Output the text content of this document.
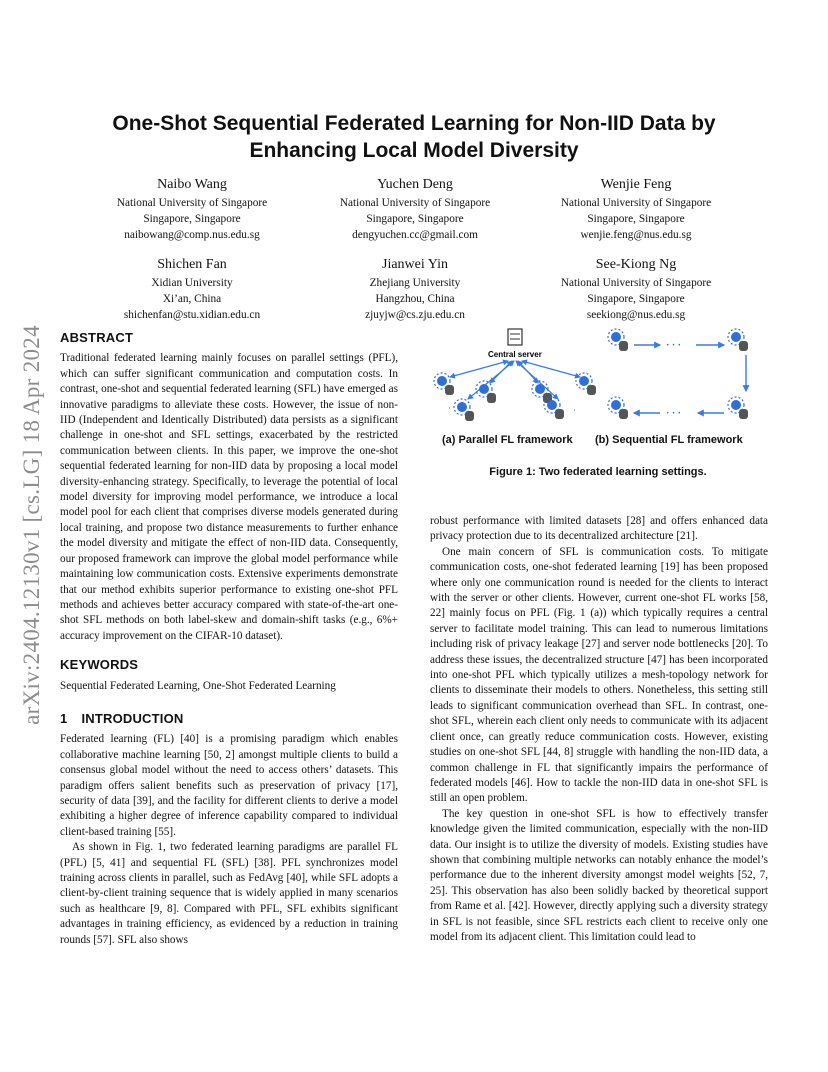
arXiv:2404.12130v1 [cs.LG] 18 Apr 2024
One-Shot Sequential Federated Learning for Non-IID Data by Enhancing Local Model Diversity
Naibo Wang
National University of Singapore
Singapore, Singapore
naibowang@comp.nus.edu.sg
Yuchen Deng
National University of Singapore
Singapore, Singapore
dengyuchen.cc@gmail.com
Wenjie Feng
National University of Singapore
Singapore, Singapore
wenjie.feng@nus.edu.sg
Shichen Fan
Xidian University
Xi’an, China
shichenfan@stu.xidian.edu.cn
Jianwei Yin
Zhejiang University
Hangzhou, China
zjuyjw@cs.zju.edu.cn
See-Kiong Ng
National University of Singapore
Singapore, Singapore
seekiong@nus.edu.sg
ABSTRACT

Traditional federated learning mainly focuses on parallel settings (PFL), which can suffer significant communication and computation costs. In contrast, one-shot and sequential federated learning (SFL) have emerged as innovative paradigms to alleviate these costs. However, the issue of non-IID (Independent and Identically Distributed) data persists as a significant challenge in one-shot and SFL settings, exacerbated by the restricted communication between clients. In this paper, we improve the one-shot sequential federated learning for non-IID data by proposing a local model diversity-enhancing strategy. Specifically, to leverage the potential of local model diversity for improving model performance, we introduce a local model pool for each client that comprises diverse models generated during local training, and propose two distance measurements to further enhance the model diversity and mitigate the effect of non-IID data. Consequently, our proposed framework can improve the global model performance while maintaining low communication costs. Extensive experiments demonstrate that our method exhibits superior performance to existing one-shot PFL methods and achieves better accuracy compared with state-of-the-art one-shot SFL methods on both label-skew and domain-shift tasks (e.g., 6%+ accuracy improvement on the CIFAR-10 dataset).

KEYWORDS

Sequential Federated Learning, One-Shot Federated Learning

1 INTRODUCTION

Federated learning (FL) [40] is a promising paradigm which enables collaborative machine learning [50, 2] amongst multiple clients to build a consensus global model without the need to access others’ datasets. This paradigm offers salient benefits such as preservation of privacy [17], security of data [39], and the facility for different clients to derive a model exhibiting a higher degree of inference capability compared to individual client-based training [55].

As shown in Fig. 1, two federated learning paradigms are parallel FL (PFL) [5, 41] and sequential FL (SFL) [38]. PFL synchronizes model training across clients in parallel, such as FedAvg [40], while SFL adopts a client-by-client training sequence that is widely applied in many scenarios such as healthcare [9, 8]. Compared with PFL, SFL exhibits significant advantages in training efficiency, as evidenced by a reduction in training rounds [57]. SFL also shows

Central server
·	·
· · ·
· · ·
(a) Parallel FL framework (b) Sequential FL framework
Figure 1: Two federated learning settings.

robust performance with limited datasets [28] and offers enhanced data privacy protection due to its decentralized architecture [21].

One main concern of SFL is communication costs. To mitigate communication costs, one-shot federated learning [19] has been proposed where only one communication round is needed for the clients to interact with the server or other clients. However, current one-shot FL works [58, 22] mainly focus on PFL (Fig. 1 (a)) which typically requires a central server to facilitate model training. This can lead to numerous limitations including risk of privacy leakage [27] and server node bottlenecks [20]. To address these issues, the decentralized structure [47] has been incorporated into one-shot PFL which typically utilizes a mesh-topology network for clients to disseminate their models to others. Nonetheless, this setting still leads to significant communication overhead than SFL. In contrast, one-shot SFL, wherein each client only needs to communicate with its adjacent client once, can greatly reduce communication costs. However, existing studies on one-shot SFL [44, 8] struggle with handling the non-IID data, a common challenge in FL that significantly impairs the performance of federated models [46]. How to tackle the non-IID data in one-shot SFL is still an open problem.

The key question in one-shot SFL is how to effectively transfer knowledge given the limited communication, especially with the non-IID data. Our insight is to utilize the diversity of models. Existing studies have shown that combining multiple networks can notably enhance the model’s performance due to the inherent diversity amongst model weights [52, 7, 25]. This observation has also been solidly backed by theoretical support from Rame et al. [42]. However, directly applying such a diversity strategy in SFL is not feasible, since SFL restricts each client to receive only one model from its adjacent client. This limitation could lead to
